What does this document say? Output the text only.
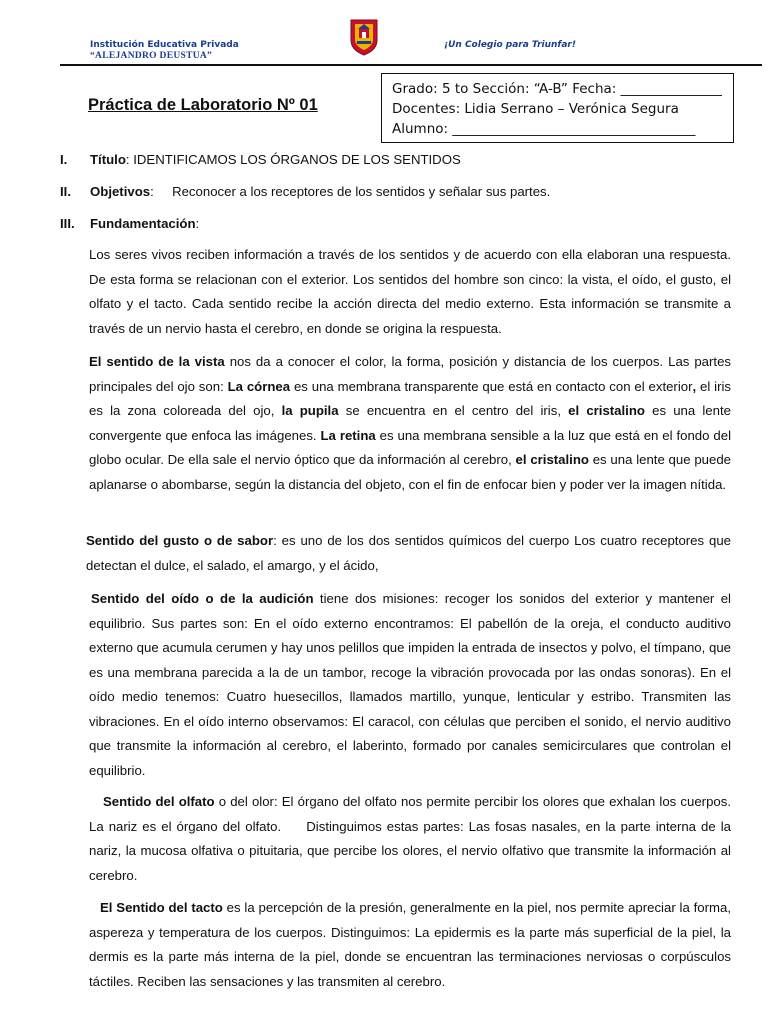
Institución Educativa Privada
“ALEJANDRO DEUSTUA”
¡Un Colegio para Triunfar!
Práctica de Laboratorio Nº 01
Grado: 5 to Sección: “A-B” Fecha: _______________
Docentes: Lidia Serrano – Verónica Segura
Alumno: ____________________________________
I. Título: IDENTIFICAMOS LOS ÓRGANOS DE LOS SENTIDOS
II. Objetivos:     Reconocer a los receptores de los sentidos y señalar sus partes.
III. Fundamentación:
Los seres vivos reciben información a través de los sentidos y de acuerdo con ella elaboran una respuesta. De esta forma se relacionan con el exterior. Los sentidos del hombre son cinco: la vista, el oído, el gusto, el olfato y el tacto. Cada sentido recibe la acción directa del medio externo. Esta información se transmite a través de un nervio hasta el cerebro, en donde se origina la respuesta.
El sentido de la vista nos da a conocer el color, la forma, posición y distancia de los cuerpos. Las partes principales del ojo son: La córnea es una membrana transparente que está en contacto con el exterior, el iris es la zona coloreada del ojo, la pupila se encuentra en el centro del iris, el cristalino es una lente convergente que enfoca las imágenes. La retina es una membrana sensible a la luz que está en el fondo del globo ocular. De ella sale el nervio óptico que da información al cerebro, el cristalino es una lente que puede aplanarse o abombarse, según la distancia del objeto, con el fin de enfocar bien y poder ver la imagen nítida.
Sentido del gusto o de sabor: es uno de los dos sentidos químicos del cuerpo Los cuatro receptores que detectan el dulce, el salado, el amargo, y el ácido,
Sentido del oído o de la audición tiene dos misiones: recoger los sonidos del exterior y mantener el equilibrio. Sus partes son: En el oído externo encontramos: El pabellón de la oreja, el conducto auditivo externo que acumula cerumen y hay unos pelillos que impiden la entrada de insectos y polvo, el tímpano, que es una membrana parecida a la de un tambor, recoge la vibración provocada por las ondas sonoras). En el oído medio tenemos: Cuatro huesecillos, llamados martillo, yunque, lenticular y estribo. Transmiten las vibraciones. En el oído interno observamos: El caracol, con células que perciben el sonido, el nervio auditivo que transmite la información al cerebro, el laberinto, formado por canales semicirculares que controlan el equilibrio.
Sentido del olfato o del olor: El órgano del olfato nos permite percibir los olores que exhalan los cuerpos. La nariz es el órgano del olfato.     Distinguimos estas partes: Las fosas nasales, en la parte interna de la nariz, la mucosa olfativa o pituitaria, que percibe los olores, el nervio olfativo que transmite la información al cerebro.
El Sentido del tacto es la percepción de la presión, generalmente en la piel, nos permite apreciar la forma, aspereza y temperatura de los cuerpos. Distinguimos: La epidermis es la parte más superficial de la piel, la dermis es la parte más interna de la piel, donde se encuentran las terminaciones nerviosas o corpúsculos táctiles. Reciben las sensaciones y las transmiten al cerebro.
